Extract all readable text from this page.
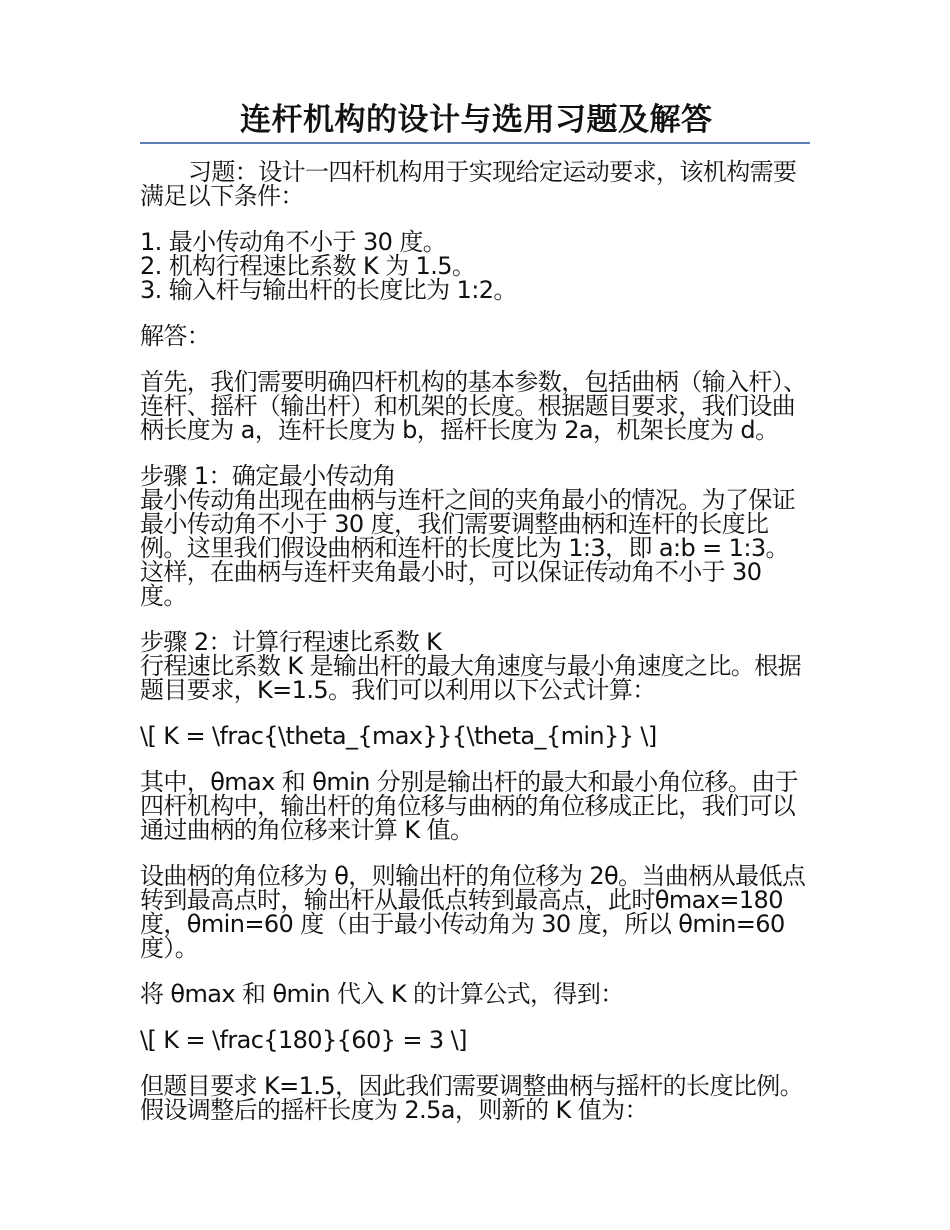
连杆机构的设计与选用习题及解答

习题：设计一四杆机构用于实现给定运动要求，该机构需要满足以下条件：

1. 最小传动角不小于 30 度。
2. 机构行程速比系数 K 为 1.5。
3. 输入杆与输出杆的长度比为 1:2。

解答：

首先，我们需要明确四杆机构的基本参数，包括曲柄（输入杆）、连杆、摇杆（输出杆）和机架的长度。根据题目要求，我们设曲柄长度为 a，连杆长度为 b，摇杆长度为 2a，机架长度为 d。

步骤 1：确定最小传动角

最小传动角出现在曲柄与连杆之间的夹角最小的情况。为了保证最小传动角不小于 30 度，我们需要调整曲柄和连杆的长度比例。这里我们假设曲柄和连杆的长度比为 1:3，即 a:b = 1:3。这样，在曲柄与连杆夹角最小时，可以保证传动角不小于 30 度。

步骤 2：计算行程速比系数 K

行程速比系数 K 是输出杆的最大角速度与最小角速度之比。根据题目要求，K=1.5。我们可以利用以下公式计算：

\[ K = \frac{\theta_{max}}{\theta_{min}} \]

其中，θmax 和 θmin 分别是输出杆的最大和最小角位移。由于四杆机构中，输出杆的角位移与曲柄的角位移成正比，我们可以通过曲柄的角位移来计算 K 值。

设曲柄的角位移为 θ，则输出杆的角位移为 2θ。当曲柄从最低点转到最高点时，输出杆从最低点转到最高点，此时θmax=180 度，θmin=60 度（由于最小传动角为 30 度，所以 θmin=60 度）。

将 θmax 和 θmin 代入 K 的计算公式，得到：

\[ K = \frac{180}{60} = 3 \]

但题目要求 K=1.5，因此我们需要调整曲柄与摇杆的长度比例。假设调整后的摇杆长度为 2.5a，则新的 K 值为：
